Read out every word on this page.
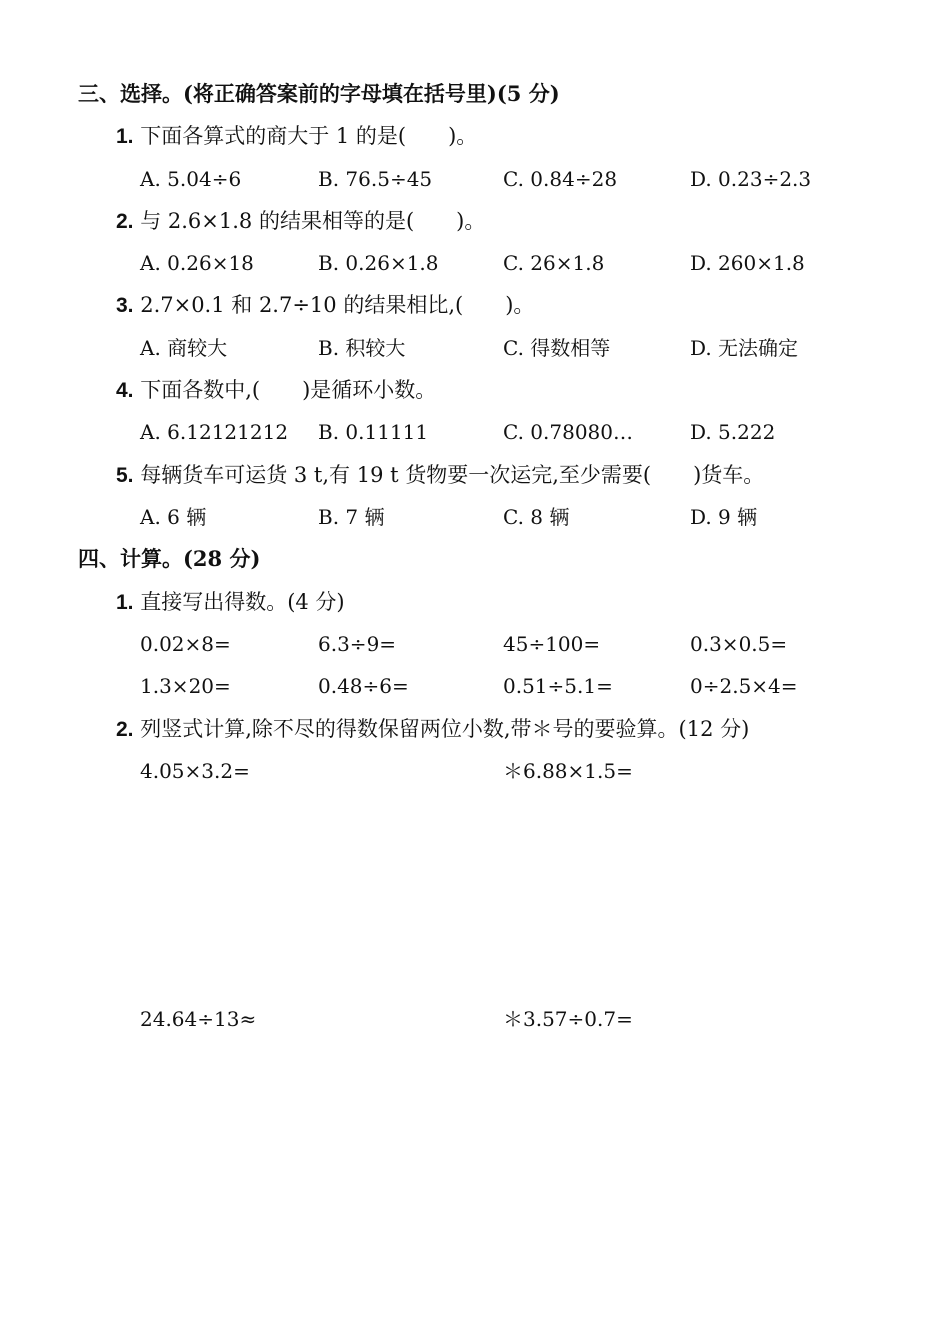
三、选择。(将正确答案前的字母填在括号里)(5 分)
1. 下面各算式的商大于 1 的是(　　)。
A. 5.04÷6	B. 76.5÷45	C. 0.84÷28	D. 0.23÷2.3
2. 与 2.6×1.8 的结果相等的是(　　)。
A. 0.26×18	B. 0.26×1.8	C. 26×1.8	D. 260×1.8
3. 2.7×0.1 和 2.7÷10 的结果相比,(　　)。
A. 商较大	B. 积较大	C. 得数相等	D. 无法确定
4. 下面各数中,(　　)是循环小数。
A. 6.12121212 B. 0.11111	C. 0.78080…	D. 5.222
5. 每辆货车可运货 3 t,有 19 t 货物要一次运完,至少需要(　　)货车。
A. 6 辆	B. 7 辆	C. 8 辆	D. 9 辆
四、计算。(28 分)
1. 直接写出得数。(4 分)
0.02×8=	6.3÷9=	45÷100=	0.3×0.5=
1.3×20=	0.48÷6=	0.51÷5.1=	0÷2.5×4=
2. 列竖式计算,除不尽的得数保留两位小数,带＊号的要验算。(12 分)
4.05×3.2=	＊6.88×1.5=
24.64÷13≈	＊3.57÷0.7=
